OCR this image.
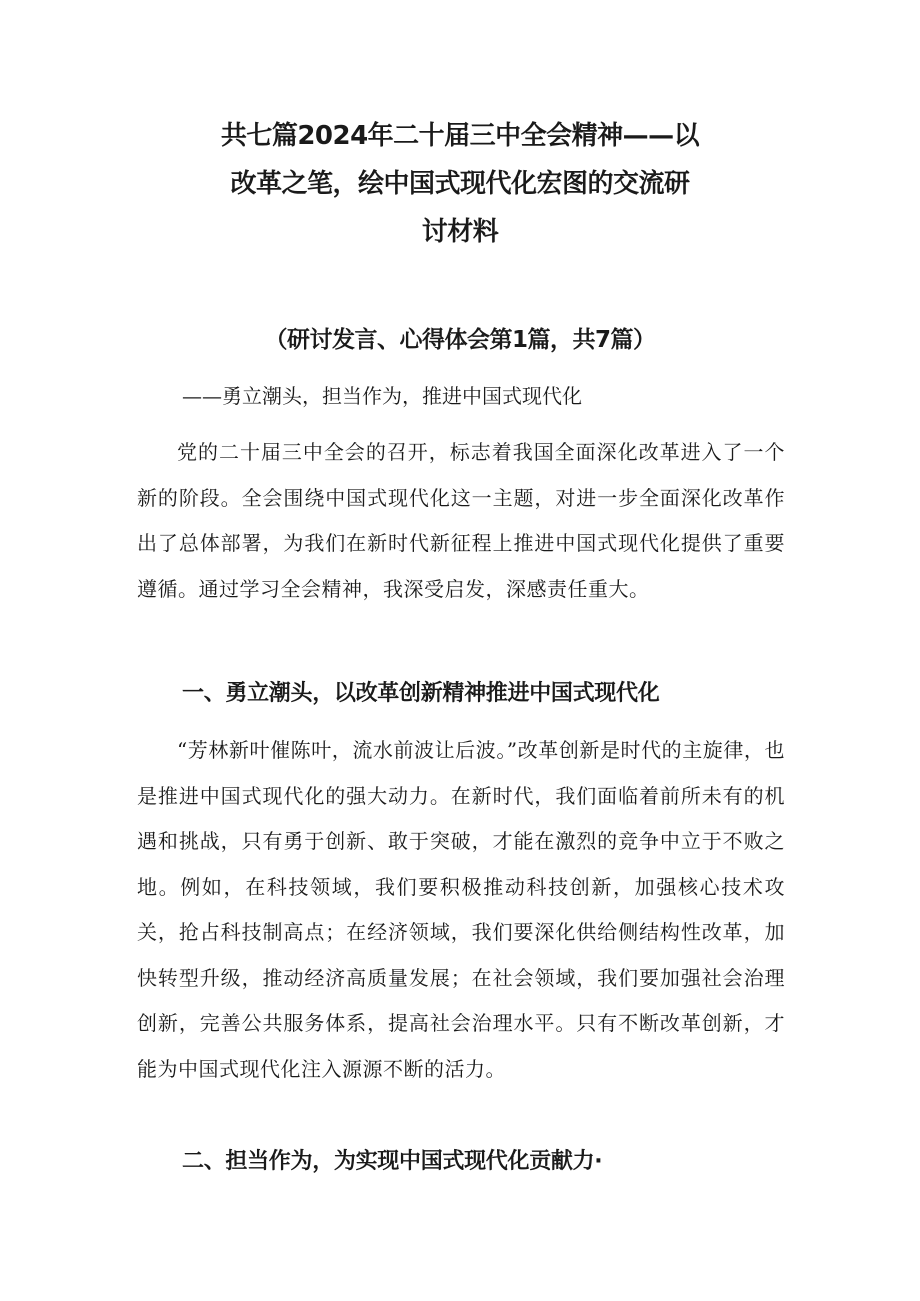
共七篇2024年二十届三中全会精神——以
改革之笔，绘中国式现代化宏图的交流研
讨材料
（研讨发言、心得体会第1篇，共7篇）
——勇立潮头，担当作为，推进中国式现代化
党的二十届三中全会的召开，标志着我国全面深化改革进入了一个新的阶段。全会围绕中国式现代化这一主题，对进一步全面深化改革作出了总体部署，为我们在新时代新征程上推进中国式现代化提供了重要遵循。通过学习全会精神，我深受启发，深感责任重大。
一、勇立潮头，以改革创新精神推进中国式现代化
“芳林新叶催陈叶，流水前波让后波。”改革创新是时代的主旋律，也是推进中国式现代化的强大动力。在新时代，我们面临着前所未有的机遇和挑战，只有勇于创新、敢于突破，才能在激烈的竞争中立于不败之地。例如，在科技领域，我们要积极推动科技创新，加强核心技术攻关，抢占科技制高点；在经济领域，我们要深化供给侧结构性改革，加快转型升级，推动经济高质量发展；在社会领域，我们要加强社会治理创新，完善公共服务体系，提高社会治理水平。只有不断改革创新，才能为中国式现代化注入源源不断的活力。
二、担当作为，为实现中国式现代化贡献力·
